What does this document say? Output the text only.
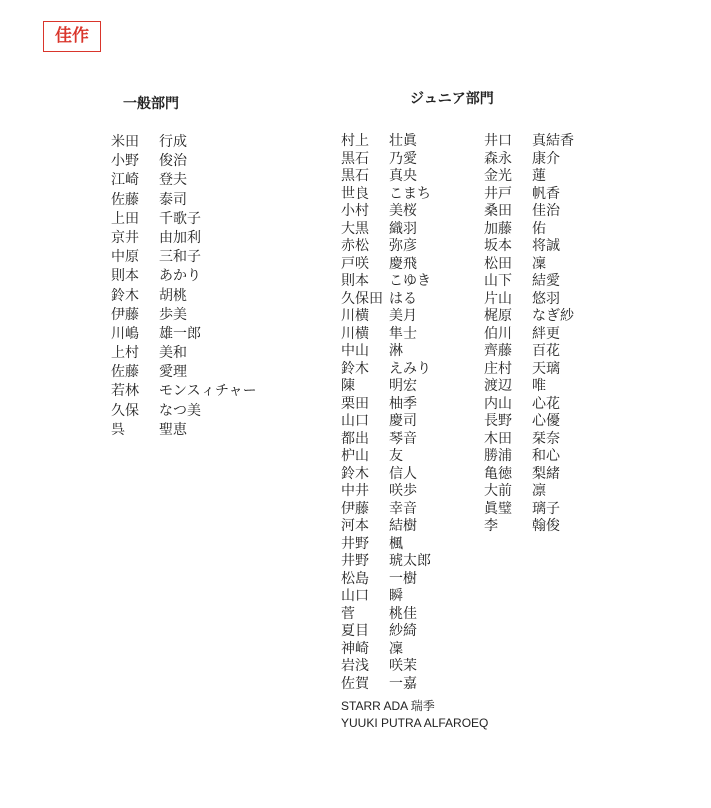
佳作
一般部門	ジュニア部門
米田 行成
小野 俊治
江崎 登夫
佐藤 泰司
上田 千歌子
京井 由加利
中原 三和子
則本 あかり
鈴木 胡桃
伊藤 歩美
川嶋 雄一郎
上村 美和
佐藤 愛理
若林 モンスィチャー
久保 なつ美
呉 聖恵
村上 壮眞
黒石 乃愛
黒石 真央
世良 こまち
小村 美桜
大黒 織羽
赤松 弥彦
戸咲 慶飛
則本 こゆき
久保田 はる
川横 美月
川横 隼士
中山 淋
鈴木 えみり
陳 明宏
栗田 柚季
山口 慶司
都出 琴音
枦山 友
鈴木 信人
中井 咲歩
伊藤 幸音
河本 結樹
井野 楓
井野 琥太郎
松島 一樹
山口 瞬
菅 桃佳
夏目 紗綺
神崎 凜
岩浅 咲茉
佐賀 一嘉
井口 真結香
森永 康介
金光 蓮
井戸 帆香
桑田 佳治
加藤 佑
坂本 将誠
松田 凜
山下 結愛
片山 悠羽
梶原 なぎ紗
伯川 絆更
齊藤 百花
庄村 天璃
渡辺 唯
内山 心花
長野 心優
木田 栞奈
勝浦 和心
亀徳 梨緒
大前 凛
眞璧 璃子
李 翰俊
STARR ADA 瑞季
YUUKI PUTRA ALFAROEQ
